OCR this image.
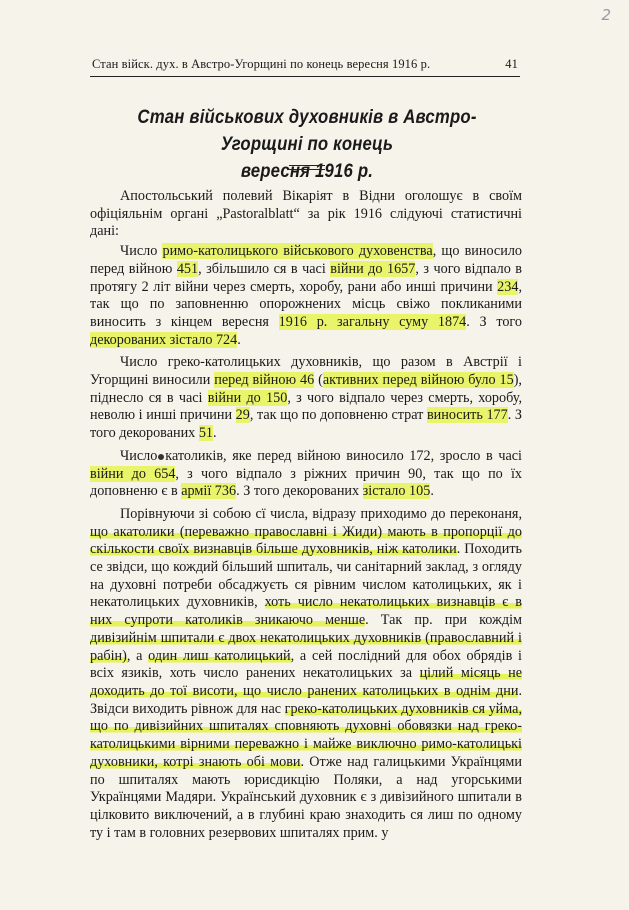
2
Стан війск. дух. в Австро-Угорщині по конець вересня 1916 р.	41
Стан військових духовників в Австро-Угорщині по конець
вересня 1916 р.

Апостольський полевий Вікаріят в Відни оголошує в своїм офіціяльнім органі „Pastoralblatt“ за рік 1916 слідуючі статистичні дані:

Число римо-католицького військового духовенства, що виносило перед війною 451, збільшило ся в часі війни до 1657, з чого відпало в протягу 2 літ війни через смерть, хоробу, рани або инші причини 234, так що по заповненню опорожнених місць свіжо покликаними виносить з кінцем вересня 1916 р. загальну суму 1874. З того декорованих зістало 724.

Число греко-католицьких духовників, що разом в Австрії і Угорщині виносили перед війною 46 (активних перед війною було 15), піднесло ся в часі війни до 150, з чого відпало через смерть, хоробу, неволю і инші причини 29, так що по доповненю страт виносить 177. З того декорованих 51.

Число католиків, яке перед війною виносило 172, зросло в часі війни до 654, з чого відпало з ріжних причин 90, так що по їх доповненю є в армії 736. З того декорованих зістало 105.

Порівнуючи зі собою сї числа, відразу приходимо до переконаня, що акатолики (переважно православні і Жиди) мають в пропорції до скількости своїх визнавців більше духовників, ніж католики. Походить се звідси, що кождий більший шпиталь, чи санітарний заклад, з огляду на духовні потреби обсаджуєть ся рівним числом католицьких, як і некатолицьких духовників, хоть число некатолицьких визнавців є в них супроти католиків зникаючо менше. Так пр. при кождім дивізийнім шпитали є двох некатолицьких духовників (православний і рабін), а один лиш католицький, а сей послідний для обох обрядів і всіх язиків, хоть число ранених некатолицьких за цілий місяць не доходить до тої висоти, що число ранених католицьких в однім дни. Звідси виходить рівнож для нас греко-католицьких духовників ся уйма, що по дивізийних шпиталях сповняють духовні обовязки над греко-католицькими вірними переважно і майже виключно римо-католицькі духовники, котрі знають обі мови. Отже над галицькими Українцями по шпиталях мають юрисдикцію Поляки, а над угорськими Українцями Мадяри. Український духовник є з дивізийного шпитали в цілковито виключений, а в глубині краю знаходить ся лиш по одному ту і там в головних резервових шпиталях прим. у
